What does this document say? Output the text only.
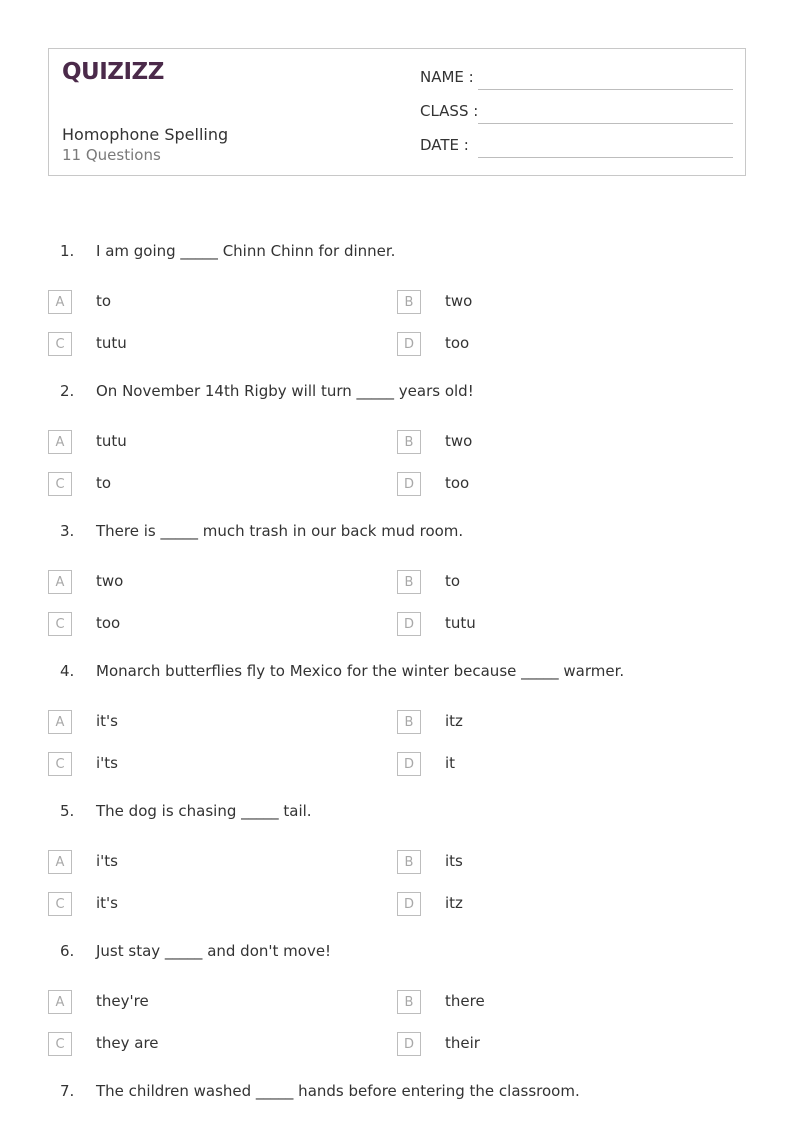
QUIZIZZ
Homophone Spelling
11 Questions
NAME :
CLASS :
DATE :
1. I am going _____ Chinn Chinn for dinner.
A	to	B	two
C	tutu	D	too
2. On November 14th Rigby will turn _____ years old!
A	tutu	B	two
C	to	D	too
3. There is _____ much trash in our back mud room.
A	two	B	to
C	too	D	tutu
4. Monarch butterflies fly to Mexico for the winter because _____ warmer.
A	it's	B	itz
C	i'ts	D	it
5. The dog is chasing _____ tail.
A	i'ts	B	its
C	it's	D	itz
6. Just stay _____ and don't move!
A	they're	B	there
C	they are	D	their
7. The children washed _____ hands before entering the classroom.
